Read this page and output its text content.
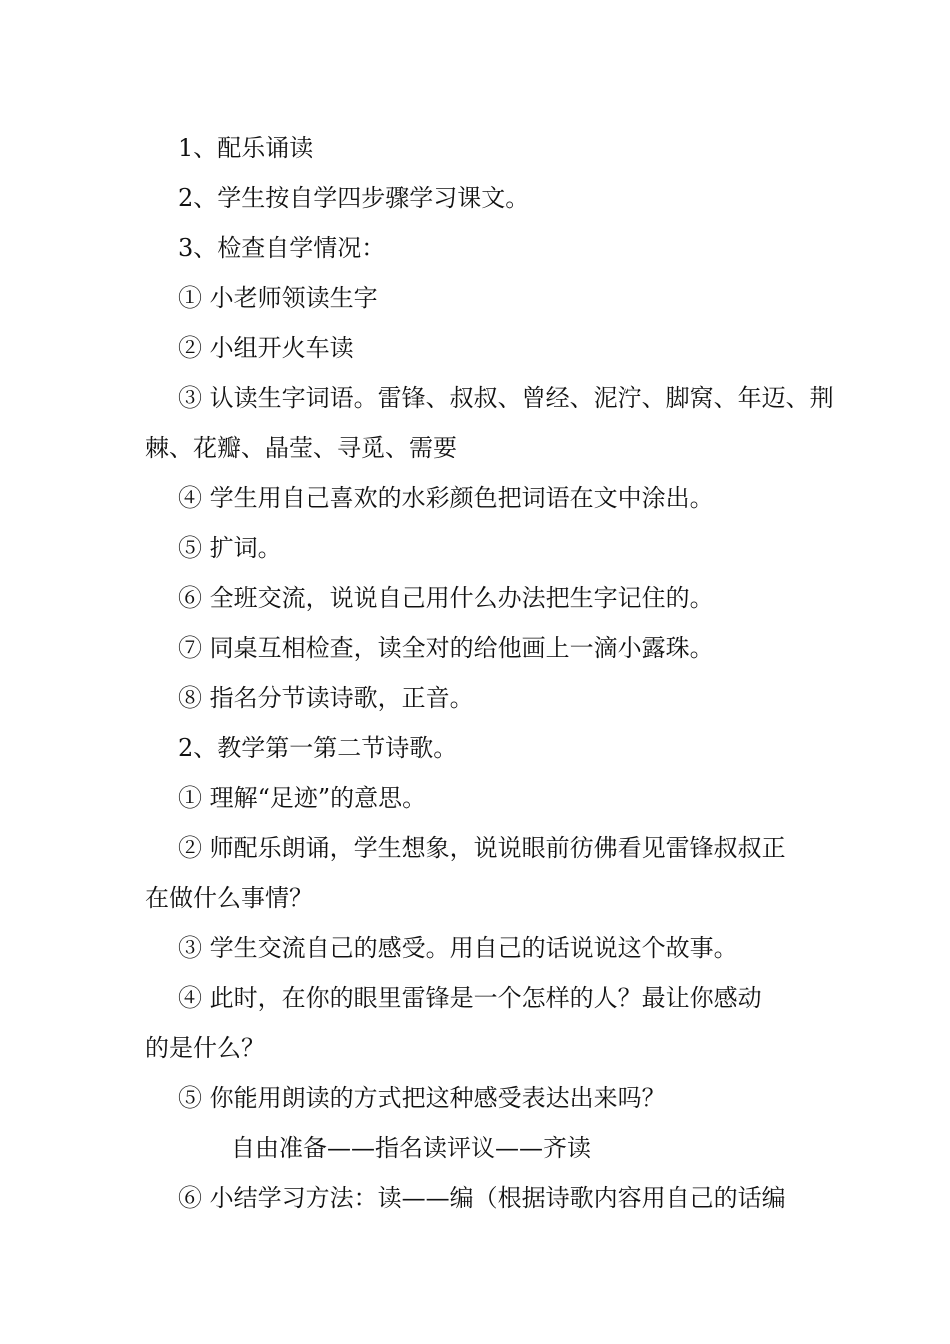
1、配乐诵读
2、学生按自学四步骤学习课文。
3、检查自学情况：
① 小老师领读生字
② 小组开火车读
③ 认读生字词语。雷锋、叔叔、曾经、泥泞、脚窝、年迈、荆
棘、花瓣、晶莹、寻觅、需要
④ 学生用自己喜欢的水彩颜色把词语在文中涂出。
⑤ 扩词。
⑥ 全班交流，说说自己用什么办法把生字记住的。
⑦ 同桌互相检查，读全对的给他画上一滴小露珠。
⑧ 指名分节读诗歌，正音。
2、教学第一第二节诗歌。
① 理解“足迹”的意思。
② 师配乐朗诵，学生想象，说说眼前彷佛看见雷锋叔叔正
在做什么事情？
③ 学生交流自己的感受。用自己的话说说这个故事。
④ 此时，在你的眼里雷锋是一个怎样的人？最让你感动
的是什么？
⑤ 你能用朗读的方式把这种感受表达出来吗？
自由准备——指名读评议——齐读
⑥ 小结学习方法：读——编（根据诗歌内容用自己的话编
